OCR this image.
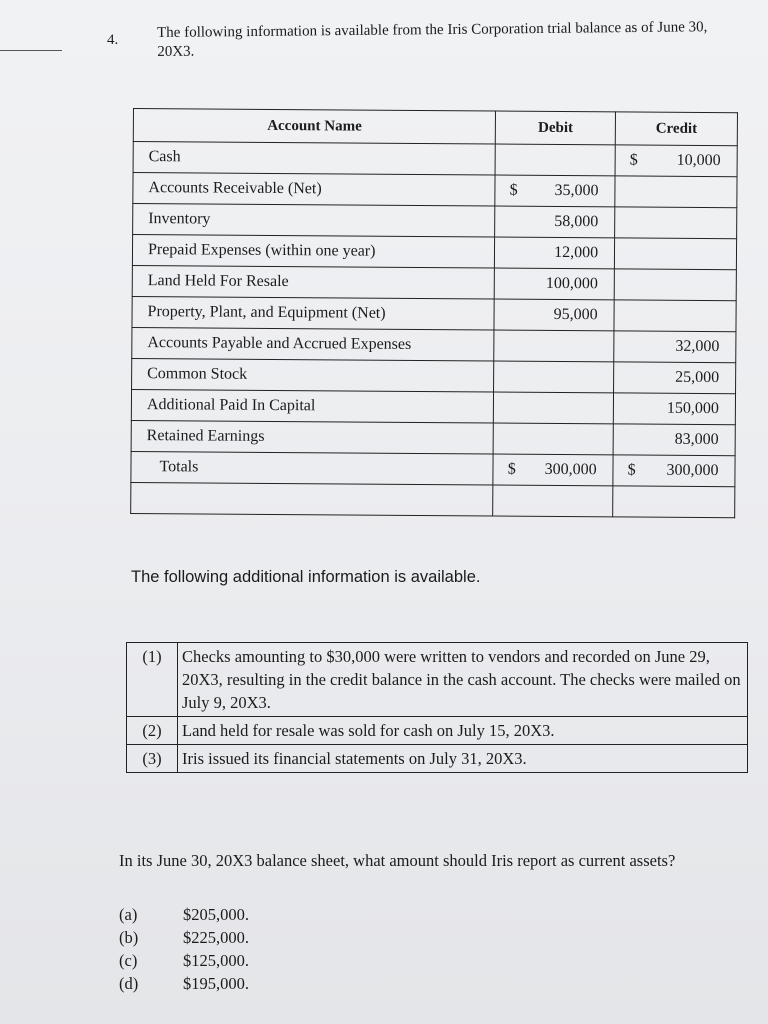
4.	The following information is available from the Iris Corporation trial balance as of June 30, 20X3.
Account Name	Debit	Credit
Cash		$ 10,000
Accounts Receivable (Net)	$ 35,000	

Inventory	58,000	

Prepaid Expenses (within one year)	12,000	

Land Held For Resale	100,000	

Property, Plant, and Equipment (Net)	95,000	

Accounts Payable and Accrued Expenses		32,000
Common Stock		25,000
Additional Paid In Capital		150,000
Retained Earnings		83,000
Totals	$ 300,000	$ 300,000

The following additional information is available.
(1)	Checks amounting to $30,000 were written to vendors and recorded on June 29, 20X3, resulting in the credit balance in the cash account. The checks were mailed on July 9, 20X3.
(2)	Land held for resale was sold for cash on July 15, 20X3.
(3)	Iris issued its financial statements on July 31, 20X3.
In its June 30, 20X3 balance sheet, what amount should Iris report as current assets?
(a)	$205,000.
(b)	$225,000.
(c)	$125,000.
(d)	$195,000.
